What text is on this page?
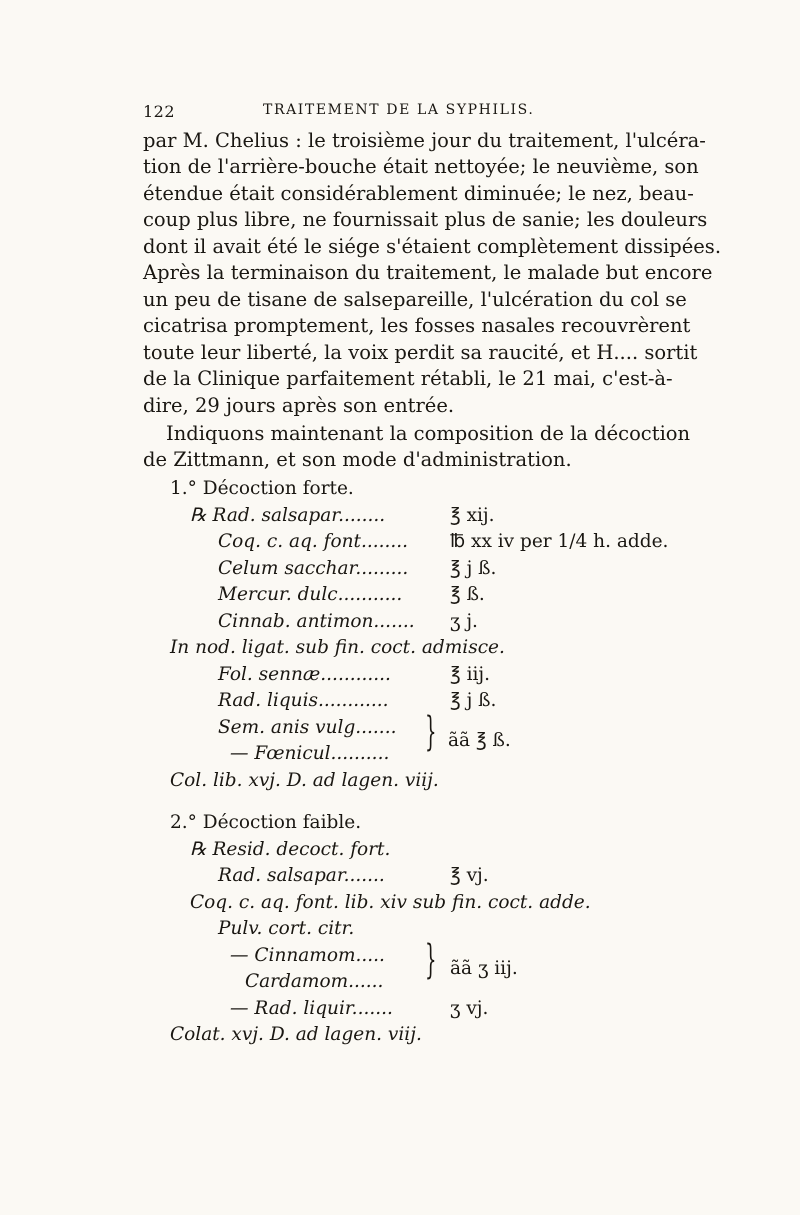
122	TRAITEMENT DE LA SYPHILIS.
par M. Chelius : le troisième jour du traitement, l'ulcéra-
tion de l'arrière-bouche était nettoyée; le neuvième, son
étendue était considérablement diminuée; le nez, beau-
coup plus libre, ne fournissait plus de sanie; les douleurs
dont il avait été le siége s'étaient complètement dissipées.
Après la terminaison du traitement, le malade but encore
un peu de tisane de salsepareille, l'ulcération du col se
cicatrisa promptement, les fosses nasales recouvrèrent
toute leur liberté, la voix perdit sa raucité, et H.... sortit
de la Clinique parfaitement rétabli, le 21 mai, c'est-à-
dire, 29 jours après son entrée.
Indiquons maintenant la composition de la décoction
de Zittmann, et son mode d'administration.
1.° Décoction forte.
℞ Rad. salsapar........	℥ xij.
Coq. c. aq. font........ ℔ xx iv per 1/4 h. adde.
Celum sacchar......... ℥ j ß.
Mercur. dulc...........	℥ ß.
Cinnab. antimon....... ʒ j.
In nod. ligat. sub fin. coct. admisce.
Fol. sennæ............	℥ iij.
Rad. liquis............	℥ j ß.
Sem. anis vulg.......
— Fœnicul.......... } ãã ℥ ß.
Col. lib. xvj. D. ad lagen. viij.
2.° Décoction faible.
℞ Resid. decoct. fort.
Rad. salsapar.......	℥ vj.
Coq. c. aq. font. lib. xiv sub fin. coct. adde.
Pulv. cort. citr.
— Cinnamom.....
Cardamom...... } ãã ʒ iij.
— Rad. liquir.......	ʒ vj.
Colat. xvj. D. ad lagen. viij.
